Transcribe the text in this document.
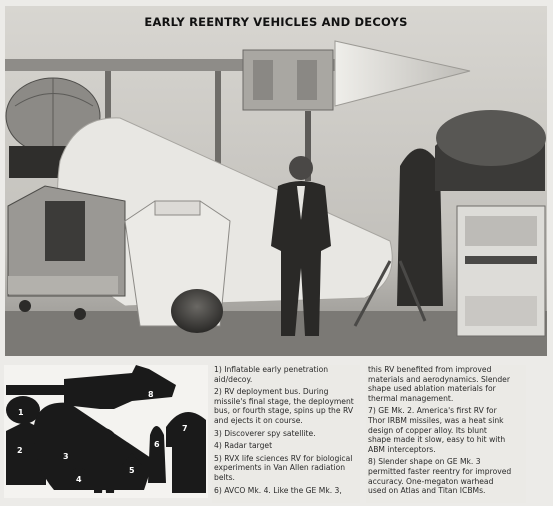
EARLY REENTRY VEHICLES AND DECOYS
1
2
3
4
5
6
7
8

1) Inflatable early penetration
aid/decoy.

2) RV deployment bus. During
missile's final stage, the deployment
bus, or fourth stage, spins up the RV
and ejects it on course.

3) Discoverer spy satellite.

4) Radar target

5) RVX life sciences RV for biological
experiments in Van Allen radiation
belts.

6) AVCO Mk. 4. Like the GE Mk. 3,

this RV benefited from improved
materials and aerodynamics. Slender
shape used ablation materials for
thermal management.

7) GE Mk. 2. America's first RV for
Thor IRBM missiles, was a heat sink
design of copper alloy. Its blunt
shape made it slow, easy to hit with
ABM interceptors.

8) Slender shape on GE Mk. 3
permitted faster reentry for improved
accuracy. One-megaton warhead
used on Atlas and Titan ICBMs.
